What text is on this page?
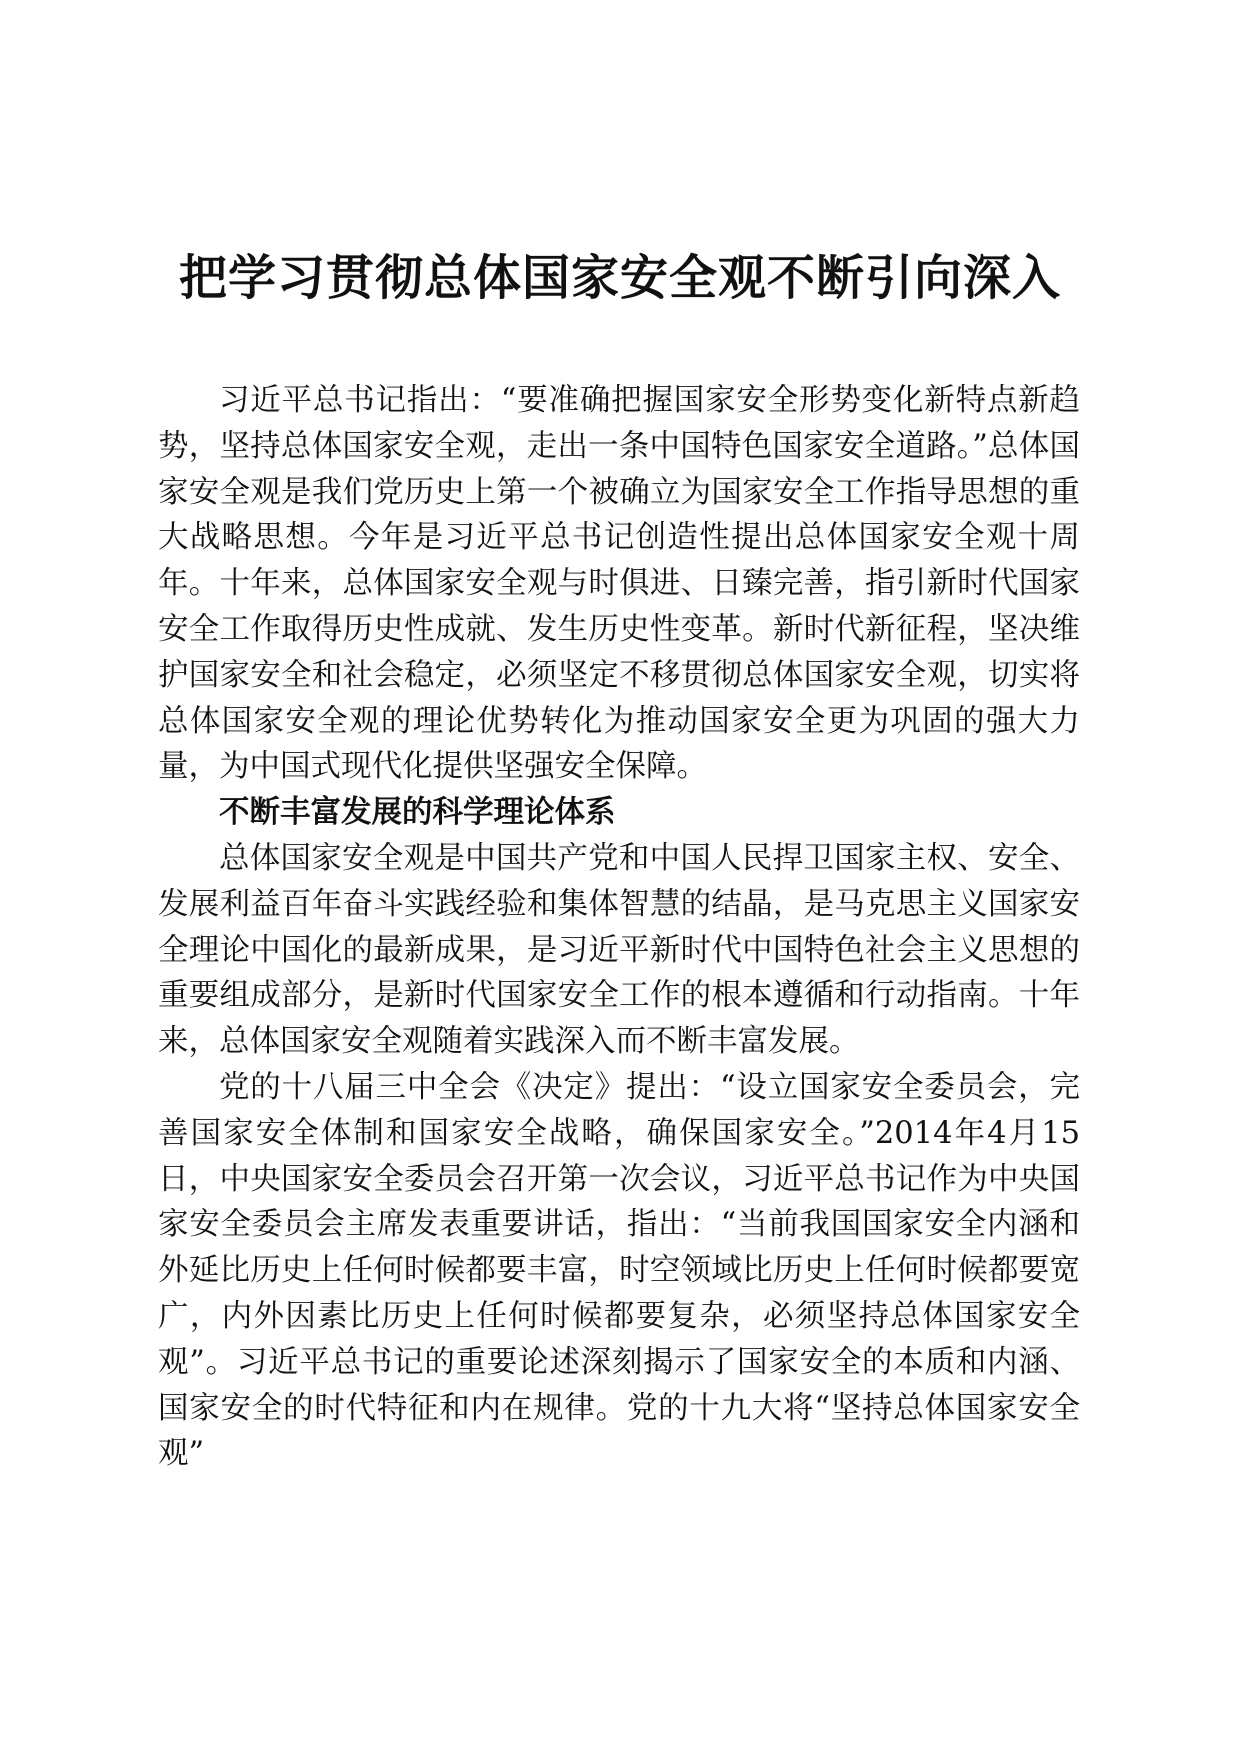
把学习贯彻总体国家安全观不断引向深入

习近平总书记指出：“要准确把握国家安全形势变化新特点新趋势，坚持总体国家安全观，走出一条中国特色国家安全道路。”总体国家安全观是我们党历史上第一个被确立为国家安全工作指导思想的重大战略思想。今年是习近平总书记创造性提出总体国家安全观十周年。十年来，总体国家安全观与时俱进、日臻完善，指引新时代国家安全工作取得历史性成就、发生历史性变革。新时代新征程，坚决维护国家安全和社会稳定，必须坚定不移贯彻总体国家安全观，切实将总体国家安全观的理论优势转化为推动国家安全更为巩固的强大力量，为中国式现代化提供坚强安全保障。

不断丰富发展的科学理论体系

总体国家安全观是中国共产党和中国人民捍卫国家主权、安全、发展利益百年奋斗实践经验和集体智慧的结晶，是马克思主义国家安全理论中国化的最新成果，是习近平新时代中国特色社会主义思想的重要组成部分，是新时代国家安全工作的根本遵循和行动指南。十年来，总体国家安全观随着实践深入而不断丰富发展。

党的十八届三中全会《决定》提出：“设立国家安全委员会，完善国家安全体制和国家安全战略，确保国家安全。”2014年4月15日，中央国家安全委员会召开第一次会议，习近平总书记作为中央国家安全委员会主席发表重要讲话，指出：“当前我国国家安全内涵和外延比历史上任何时候都要丰富，时空领域比历史上任何时候都要宽广，内外因素比历史上任何时候都要复杂，必须坚持总体国家安全观”。习近平总书记的重要论述深刻揭示了国家安全的本质和内涵、国家安全的时代特征和内在规律。党的十九大将“坚持总体国家安全观”
